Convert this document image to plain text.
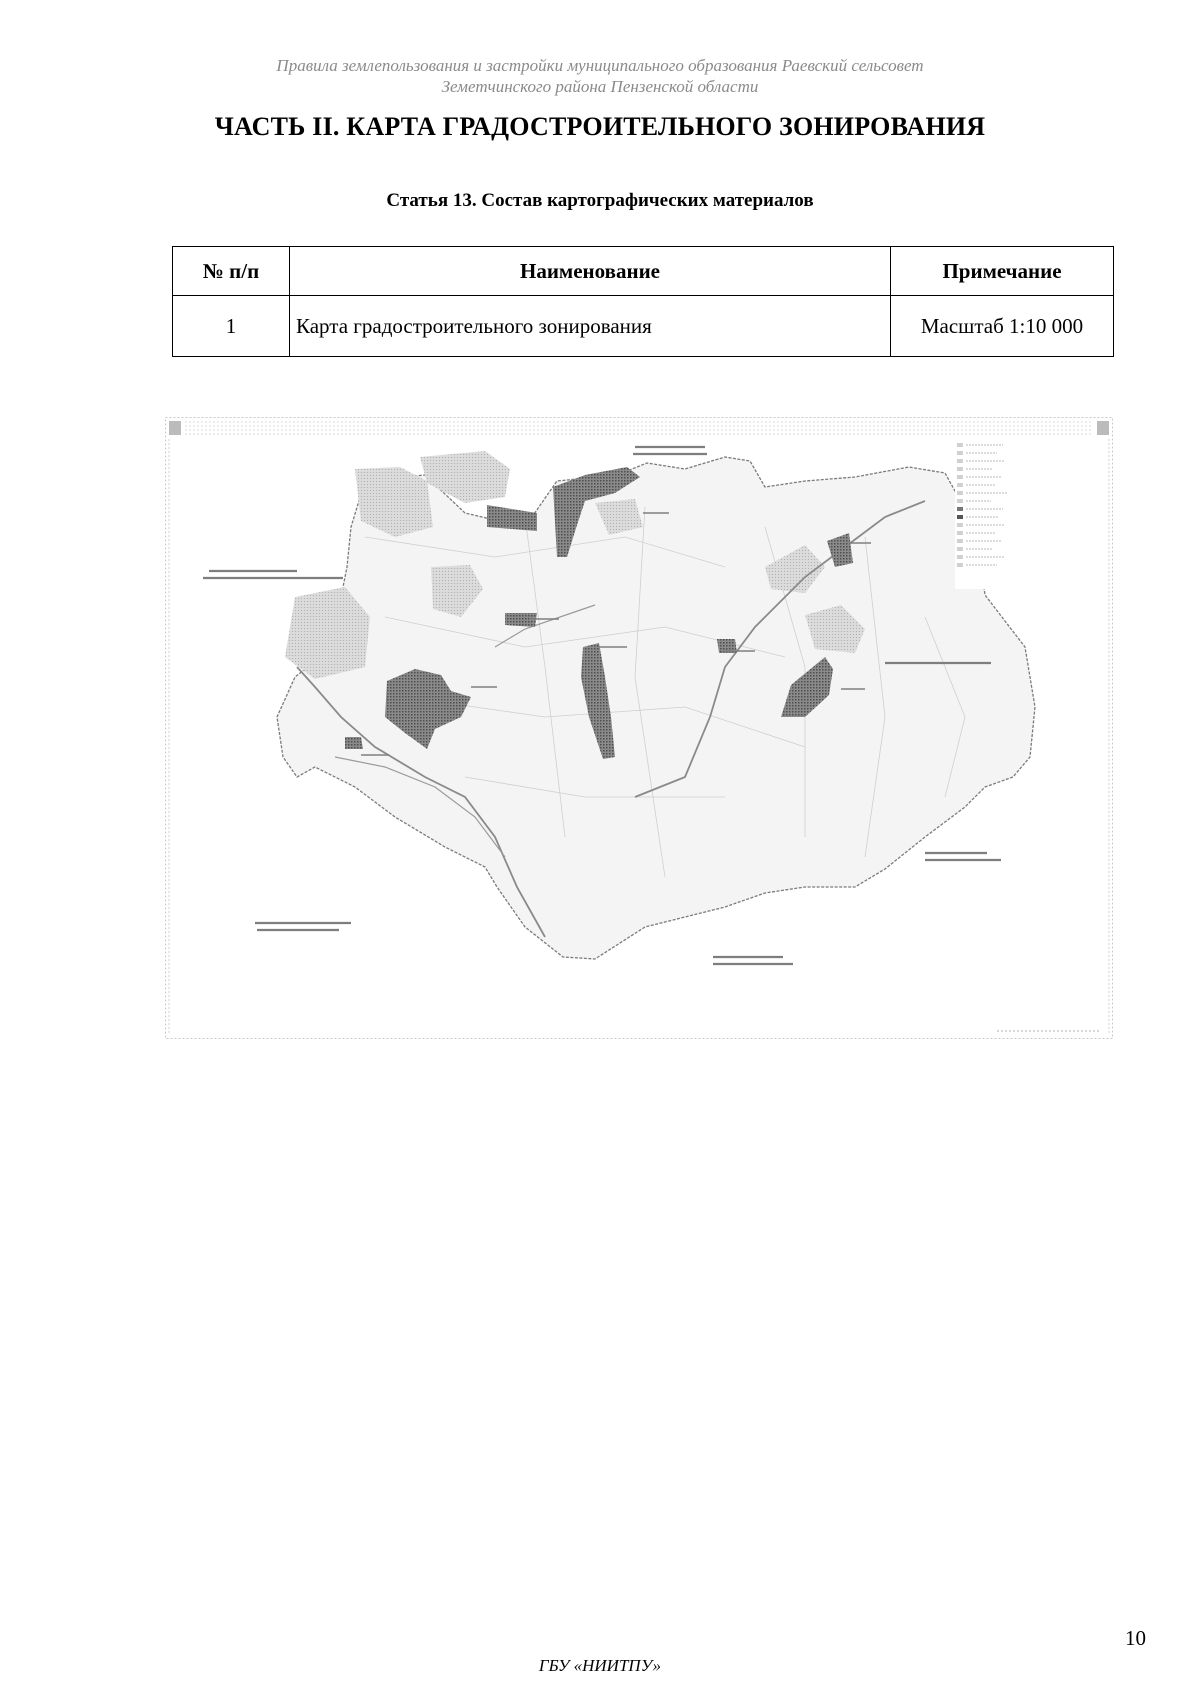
Правила землепользования и застройки муниципального образования Раевский сельсовет
Земетчинского района Пензенской области
ЧАСТЬ II. КАРТА ГРАДОСТРОИТЕЛЬНОГО ЗОНИРОВАНИЯ
Статья 13. Состав картографических материалов
№ п/п	Наименование	Примечание
1	Карта градостроительного зонирования	Масштаб 1:10 000
10
ГБУ «НИИТПУ»
